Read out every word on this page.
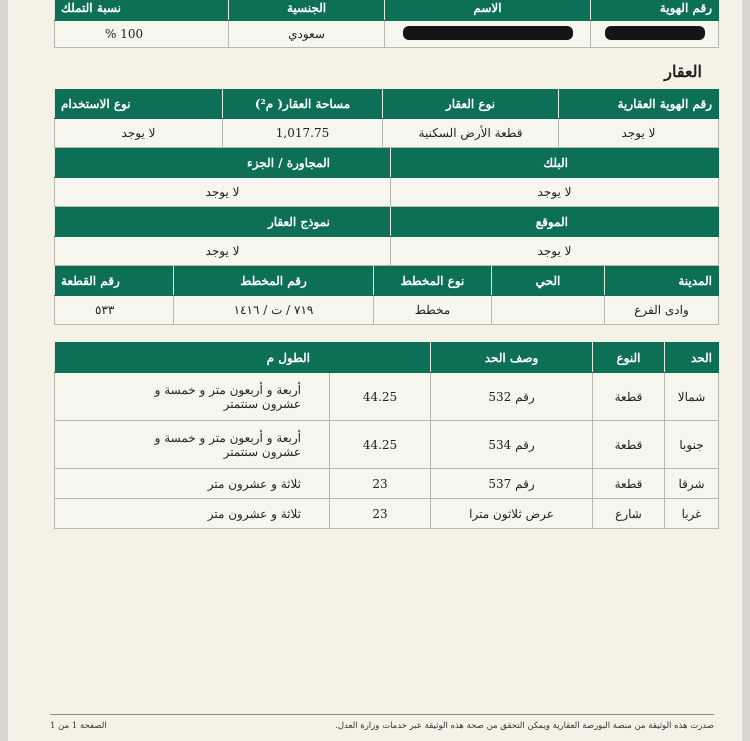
رقم الهوية	الاسم	الجنسية	نسبة التملك
		سعودي	100 %
العقار
رقم الهوية العقارية	نوع العقار	مساحة العقار( م²)	نوع الاستخدام
لا يوجد	قطعة الأرض السكنية	1,017.75	لا يوجد
البلك	المجاورة / الجزء
لا يوجد	لا يوجد
الموقع	نموذج العقار
لا يوجد	لا يوجد
المدينة	الحي	نوع المخطط	رقم المخطط	رقم القطعة
وادى الفرع		مخطط	٧١٩ / ت / ١٤١٦	٥٣٣
الحد	النوع	وصف الحد	الطول م	
شمالا	قطعة	رقم 532	44.25	أربعة و أربعون متر و خمسة و عشرون سنتمتر
جنوبا	قطعة	رقم 534	44.25	أربعة و أربعون متر و خمسة و عشرون سنتمتر
شرقا	قطعة	رقم 537	23	ثلاثة و عشرون متر
غربا	شارع	عرض ثلاثون مترا	23	ثلاثة و عشرون متر
صدرت هذه الوثيقة من منصة البورصة العقارية ويمكن التحقق من صحة هذه الوثيقة عبر خدمات وزارة العدل.
الصفحة 1 من 1
